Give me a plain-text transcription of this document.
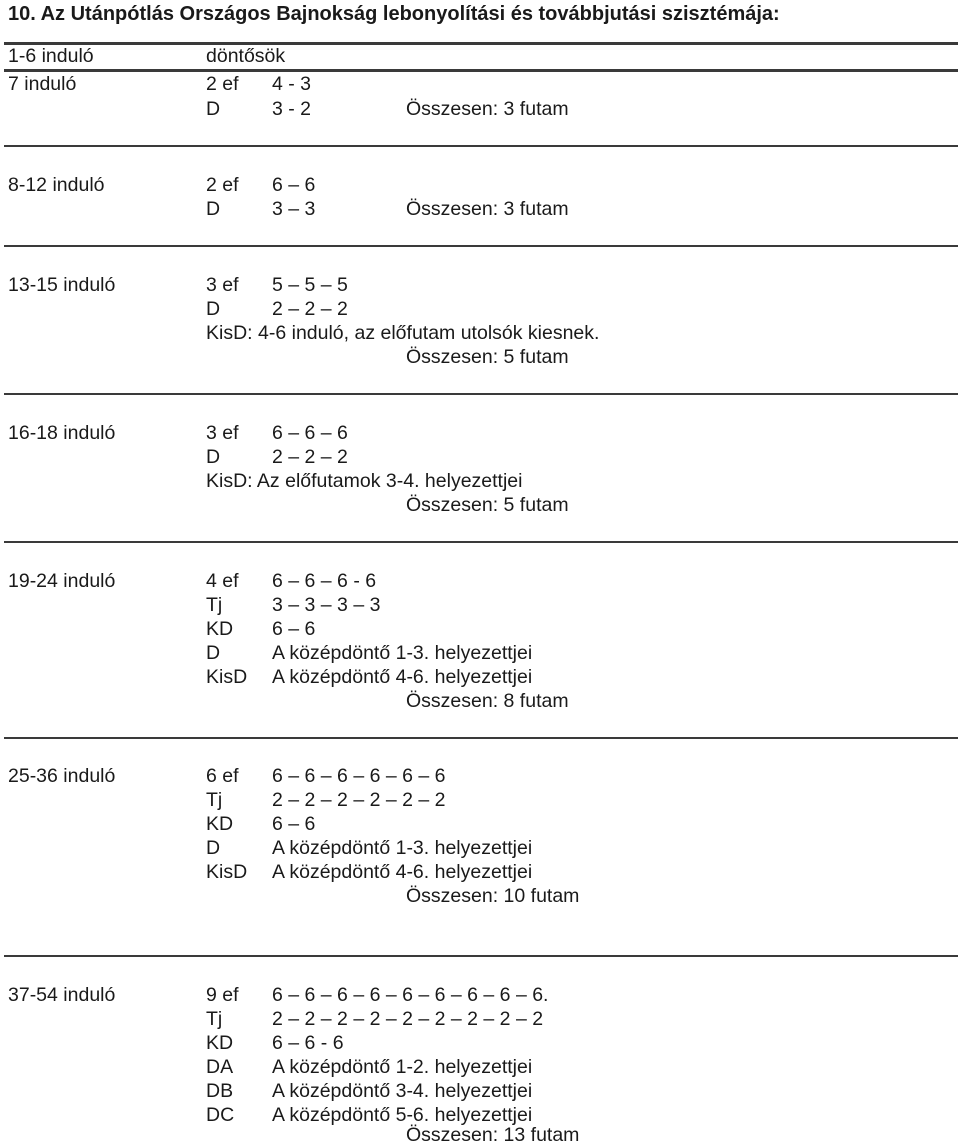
10. Az Utánpótlás Országos Bajnokság lebonyolítási és továbbjutási szisztémája:
1-6 induló	döntősök
7 induló	2 ef 4 - 3
D	3 - 2	Összesen: 3 futam
8-12 induló	2 ef 6 – 6
D	3 – 3	Összesen: 3 futam
13-15 induló	3 ef 5 – 5 – 5
D	2 – 2 – 2
KisD: 4-6 induló, az előfutam utolsók kiesnek.
Összesen: 5 futam
16-18 induló	3 ef 6 – 6 – 6
D	2 – 2 – 2
KisD: Az előfutamok 3-4. helyezettjei
Összesen: 5 futam
19-24 induló	4 ef 6 – 6 – 6 - 6
Tj	3 – 3 – 3 – 3
KD 6 – 6
D	A középdöntő 1-3. helyezettjei
KisD A középdöntő 4-6. helyezettjei
Összesen: 8 futam
25-36 induló	6 ef 6 – 6 – 6 – 6 – 6 – 6
Tj	2 – 2 – 2 – 2 – 2 – 2
KD 6 – 6
D	A középdöntő 1-3. helyezettjei
KisD A középdöntő 4-6. helyezettjei
Összesen: 10 futam
37-54 induló	9 ef 6 – 6 – 6 – 6 – 6 – 6 – 6 – 6 – 6.
Tj	2 – 2 – 2 – 2 – 2 – 2 – 2 – 2 – 2
KD 6 – 6 - 6
DA A középdöntő 1-2. helyezettjei
DB A középdöntő 3-4. helyezettjei
DC A középdöntő 5-6. helyezettjei
Összesen: 13 futam
